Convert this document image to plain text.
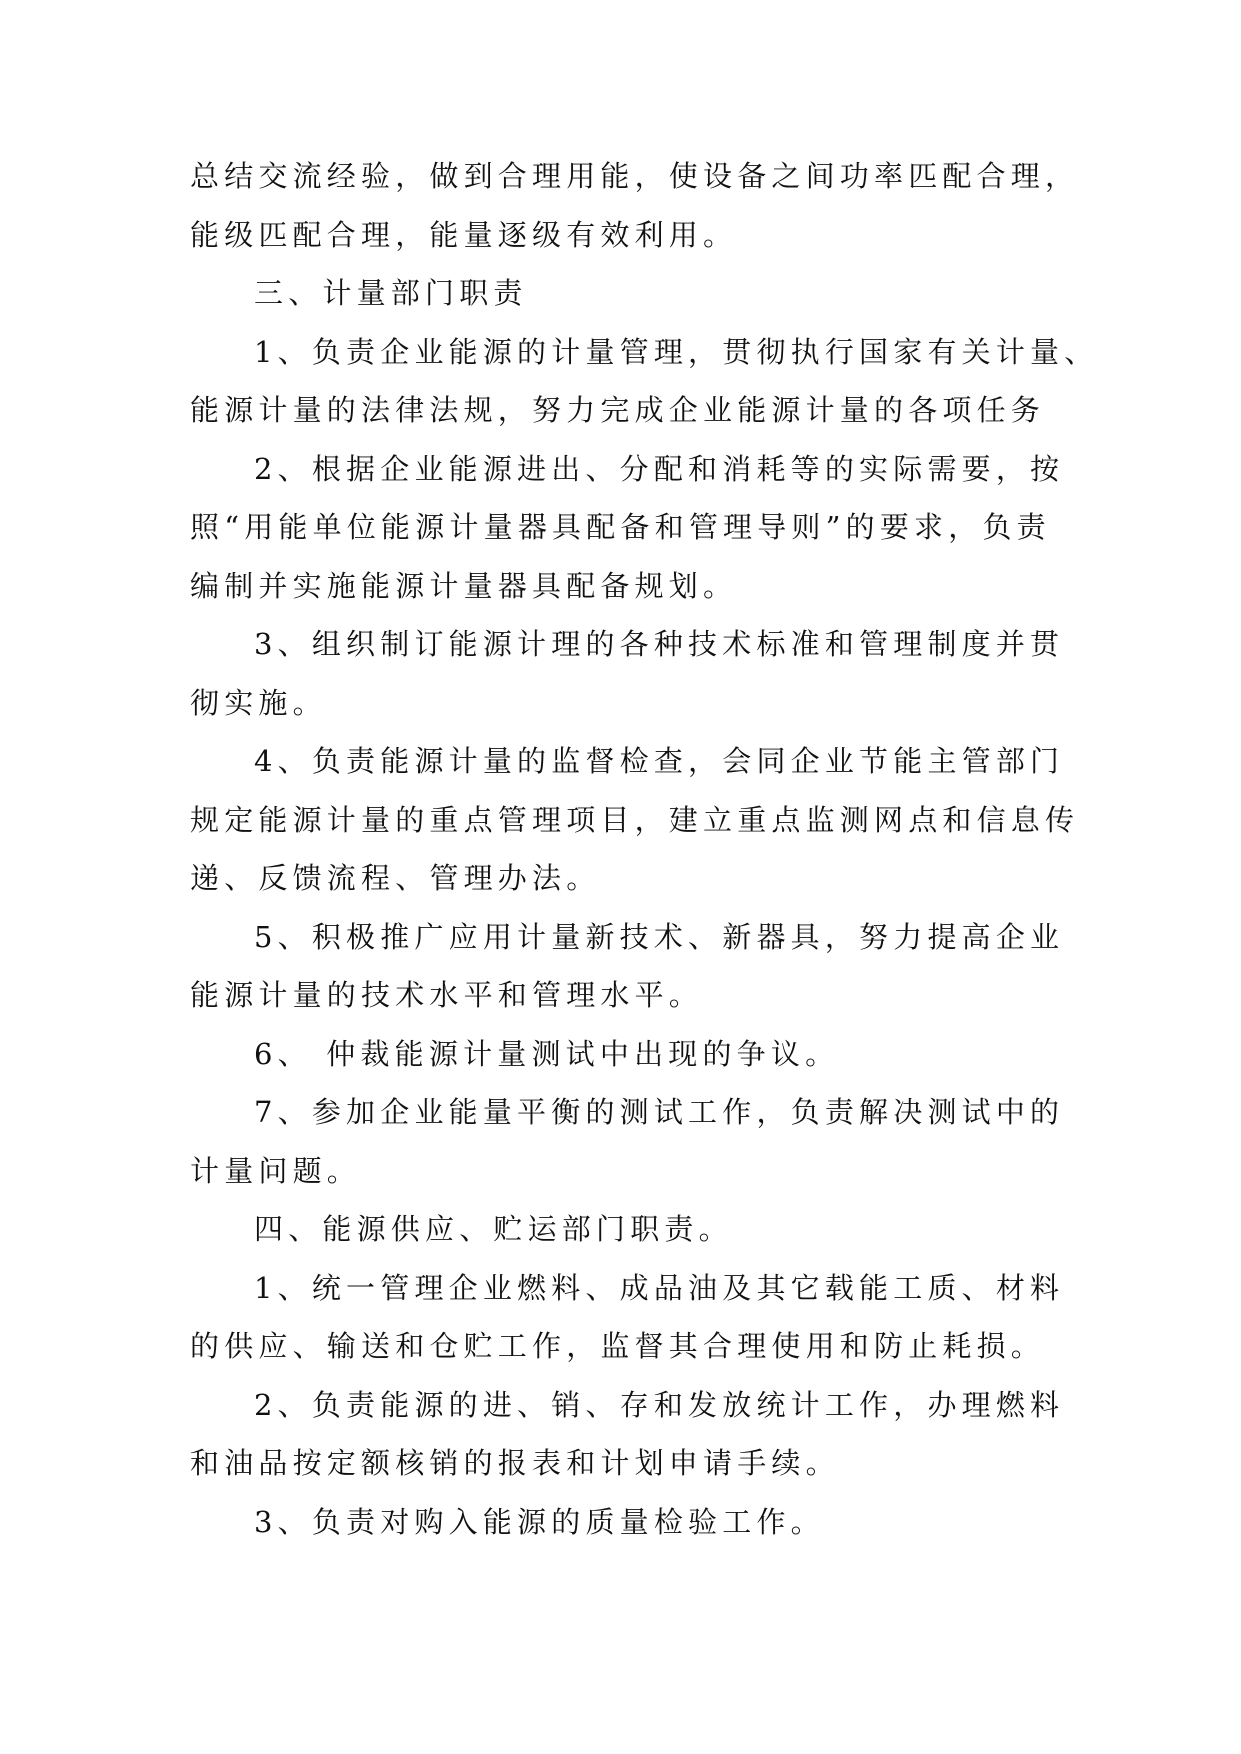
总结交流经验，做到合理用能，使设备之间功率匹配合理，
能级匹配合理，能量逐级有效利用。
三、计量部门职责
1、负责企业能源的计量管理，贯彻执行国家有关计量、
能源计量的法律法规，努力完成企业能源计量的各项任务
2、根据企业能源进出、分配和消耗等的实际需要，按
照“用能单位能源计量器具配备和管理导则”的要求，负责
编制并实施能源计量器具配备规划。
3、组织制订能源计理的各种技术标准和管理制度并贯
彻实施。
4、负责能源计量的监督检查，会同企业节能主管部门
规定能源计量的重点管理项目，建立重点监测网点和信息传
递、反馈流程、管理办法。
5、积极推广应用计量新技术、新器具，努力提高企业
能源计量的技术水平和管理水平。
6、 仲裁能源计量测试中出现的争议。
7、参加企业能量平衡的测试工作，负责解决测试中的
计量问题。
四、能源供应、贮运部门职责。
1、统一管理企业燃料、成品油及其它载能工质、材料
的供应、输送和仓贮工作，监督其合理使用和防止耗损。
2、负责能源的进、销、存和发放统计工作，办理燃料
和油品按定额核销的报表和计划申请手续。
3、负责对购入能源的质量检验工作。
